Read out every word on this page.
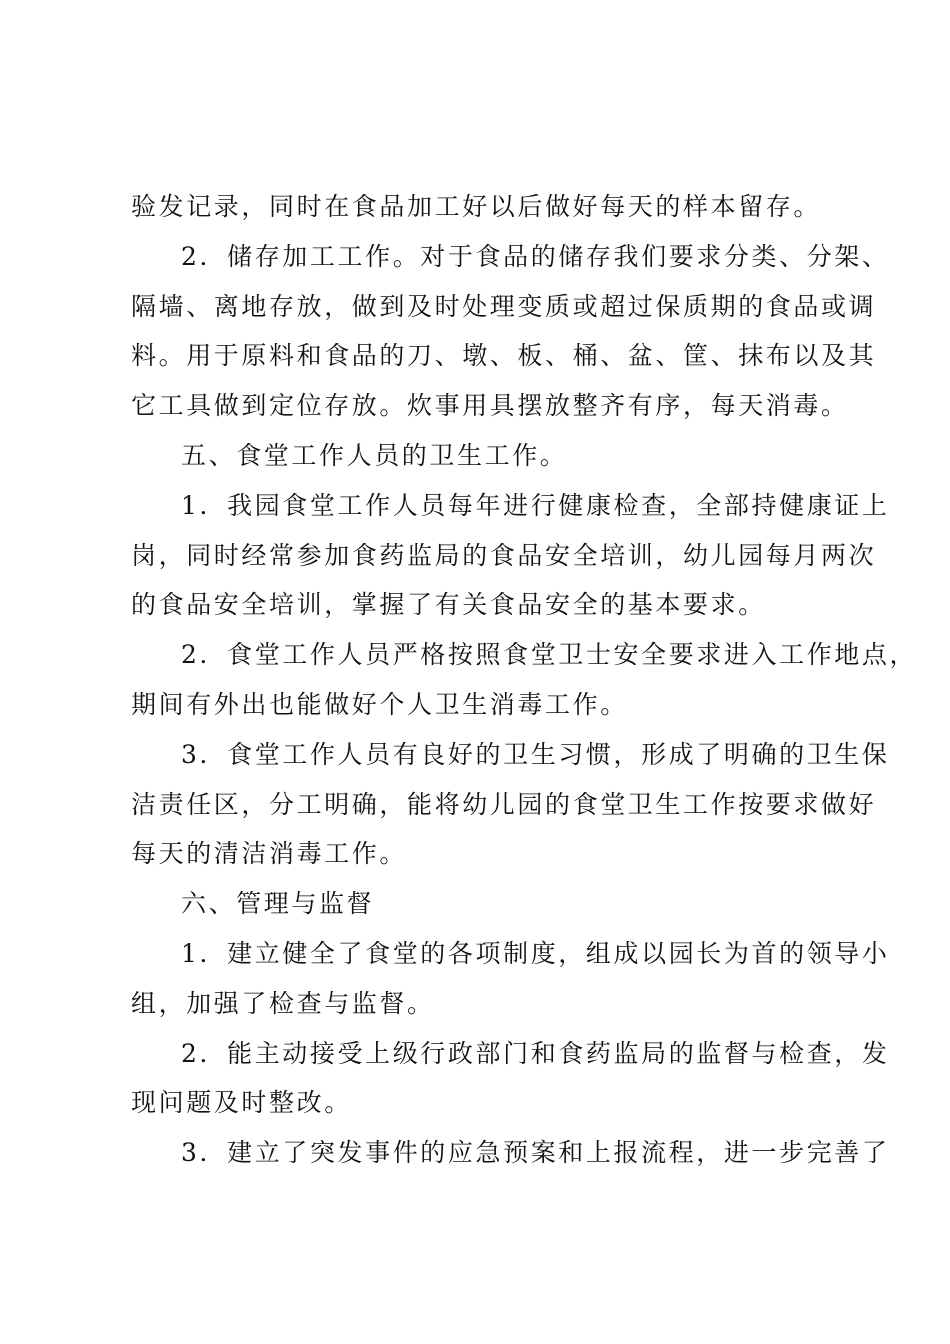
验发记录，同时在食品加工好以后做好每天的样本留存。
2．储存加工工作。对于食品的储存我们要求分类、分架、
隔墙、离地存放，做到及时处理变质或超过保质期的食品或调
料。用于原料和食品的刀、墩、板、桶、盆、筐、抹布以及其
它工具做到定位存放。炊事用具摆放整齐有序，每天消毒。
五、食堂工作人员的卫生工作。
1．我园食堂工作人员每年进行健康检查，全部持健康证上
岗，同时经常参加食药监局的食品安全培训，幼儿园每月两次
的食品安全培训，掌握了有关食品安全的基本要求。
2．食堂工作人员严格按照食堂卫士安全要求进入工作地点，
期间有外出也能做好个人卫生消毒工作。
3．食堂工作人员有良好的卫生习惯，形成了明确的卫生保
洁责任区，分工明确，能将幼儿园的食堂卫生工作按要求做好
每天的清洁消毒工作。
六、管理与监督
1．建立健全了食堂的各项制度，组成以园长为首的领导小
组，加强了检查与监督。
2．能主动接受上级行政部门和食药监局的监督与检查，发
现问题及时整改。
3．建立了突发事件的应急预案和上报流程，进一步完善了
